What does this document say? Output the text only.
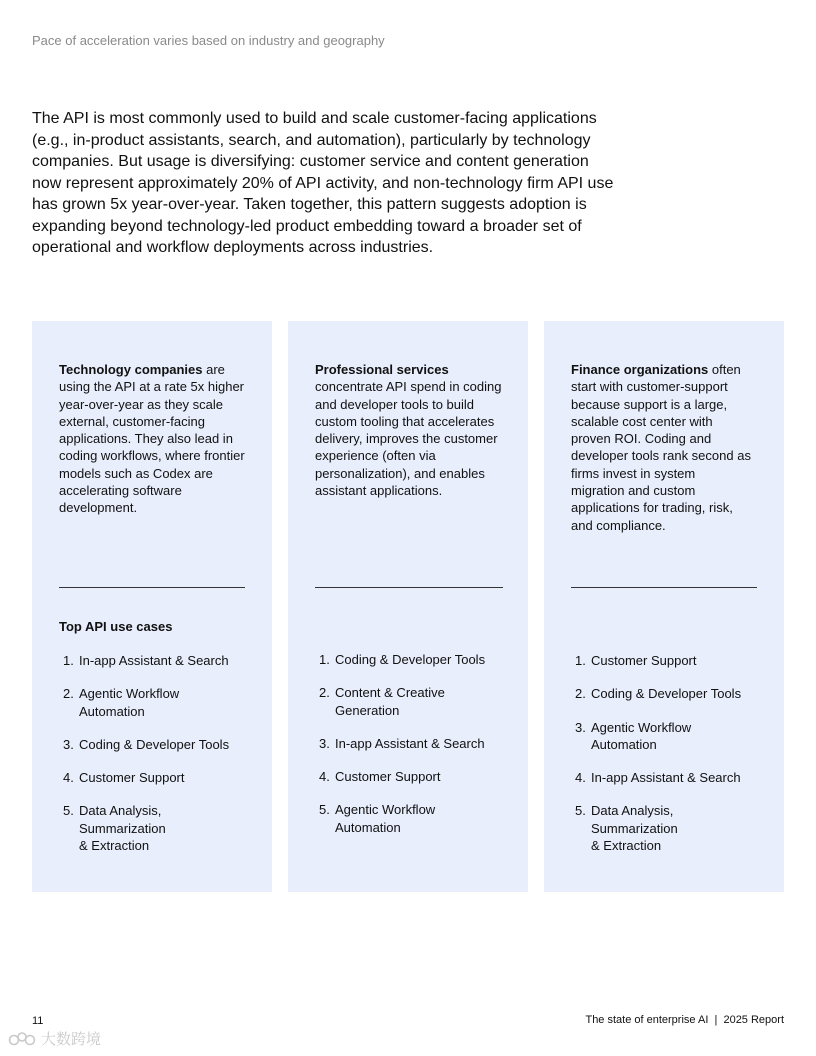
Pace of acceleration varies based on industry and geography
The API is most commonly used to build and scale customer-facing applications (e.g., in-product assistants, search, and automation), particularly by technology companies. But usage is diversifying: customer service and content generation now represent approximately 20% of API activity, and non-technology firm API use has grown 5x year-over-year. Taken together, this pattern suggests adoption is expanding beyond technology-led product embedding toward a broader set of operational and workflow deployments across industries.
Technology companies are using the API at a rate 5x higher year-over-year as they scale external, customer-facing applications. They also lead in coding workflows, where frontier models such as Codex are accelerating software development.
Top API use cases
1. In-app Assistant & Search
2. Agentic Workflow
Automation
3. Coding & Developer Tools
4. Customer Support
5. Data Analysis,
Summarization
& Extraction
Professional services concentrate API spend in coding and developer tools to build custom tooling that accelerates delivery, improves the customer experience (often via personalization), and enables assistant applications.
1. Coding & Developer Tools
2. Content & Creative
Generation
3. In-app Assistant & Search
4. Customer Support
5. Agentic Workflow
Automation
Finance organizations often start with customer-support because support is a large, scalable cost center with proven ROI. Coding and developer tools rank second as firms invest in system migration and custom applications for trading, risk, and compliance.
1. Customer Support
2. Coding & Developer Tools
3. Agentic Workflow
Automation
4. In-app Assistant & Search
5. Data Analysis,
Summarization
& Extraction
11	The state of enterprise AI  |  2025 Report
大数跨境
